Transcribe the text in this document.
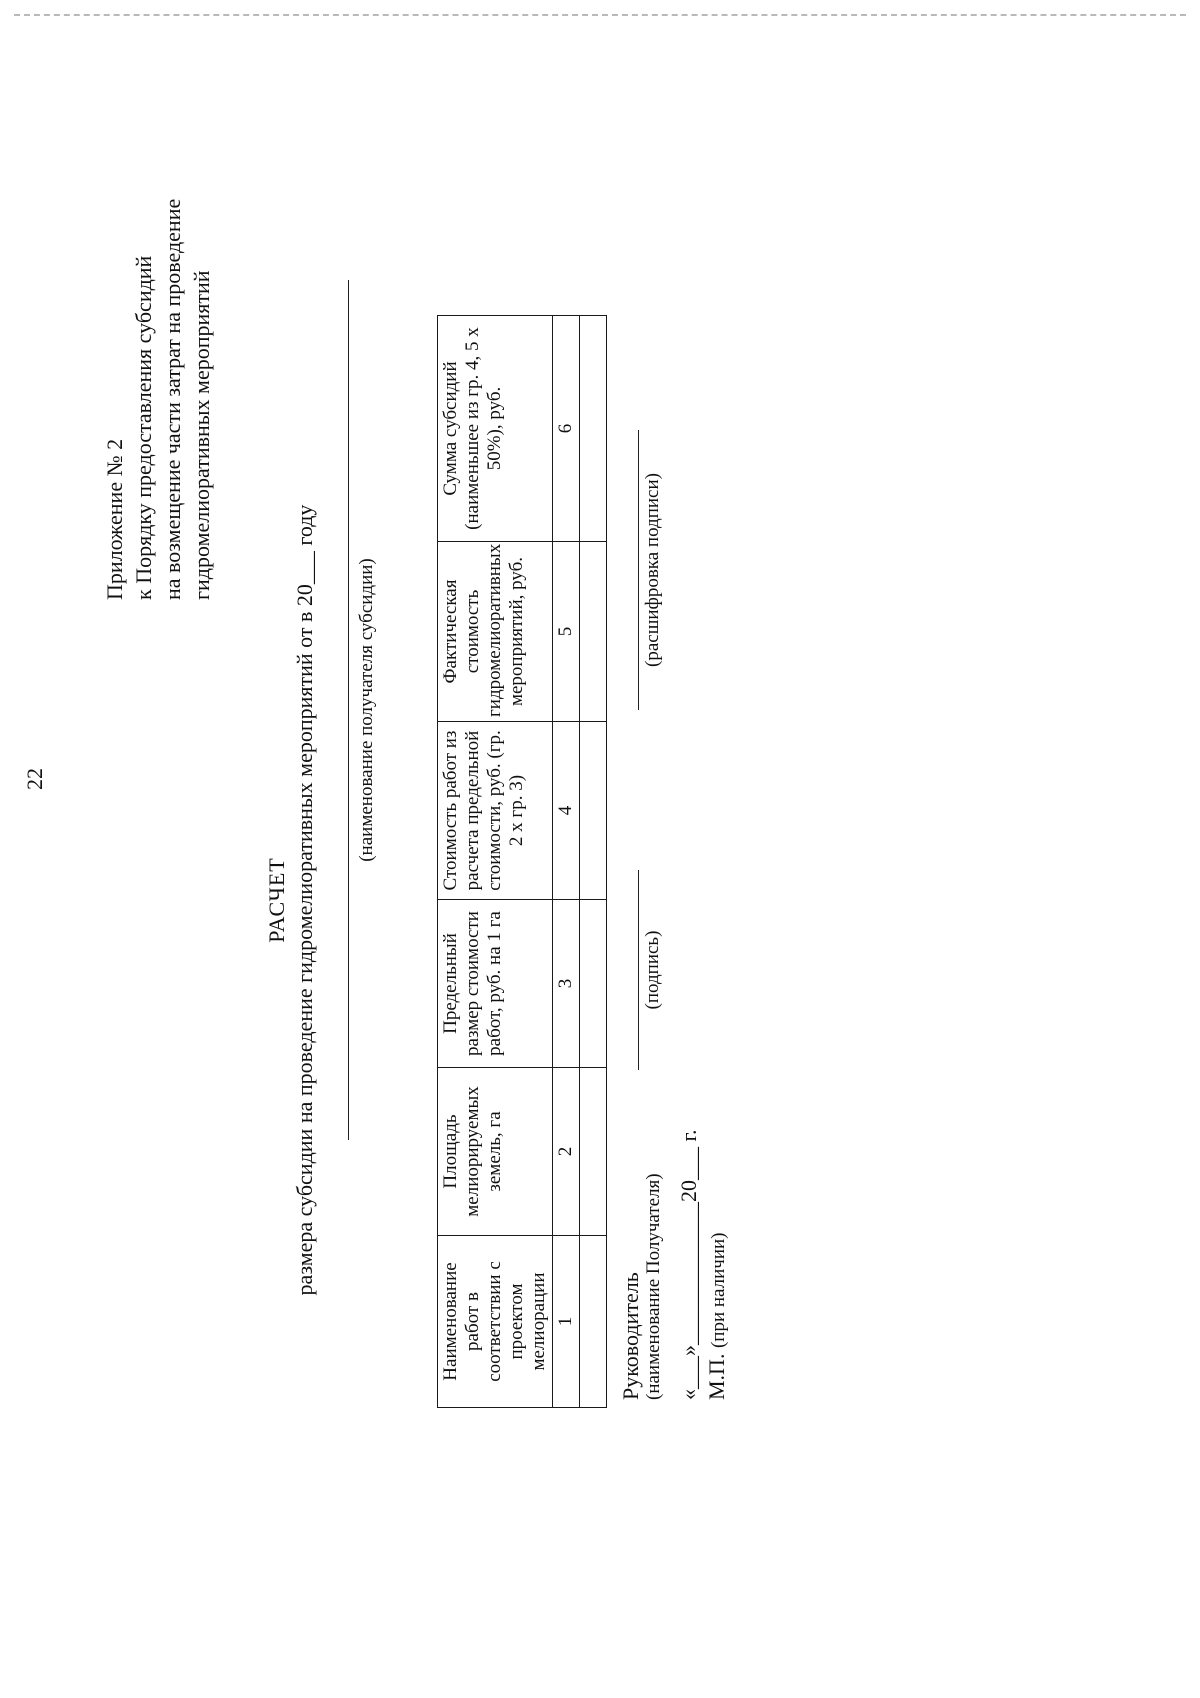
22
Приложение № 2 к Порядку предоставления субсидий на возмещение части затрат на проведение гидромелиоративных мероприятий
РАСЧЕТ размера субсидии на проведение гидромелиоративных мероприятий от в 20___ году (наименование получателя субсидии)
Наименование работ в соответствии с проектом мелиорации	Площадь мелиорируемых земель, га	Предельный размер стоимости работ, руб. на 1 га	Стоимость работ из расчета предельной стоимости, руб. (гр. 2 х гр. 3)	Фактическая стоимость гидромелиоративных мероприятий, руб.	Сумма субсидий (наименьшее из гр. 4, 5 х 50%), руб.
1	2	3	4	5	6

Руководитель (наименование Получателя)
(подпись)
(расшифровка подписи)
«___»_____________20___ г. М.П. (при наличии)
